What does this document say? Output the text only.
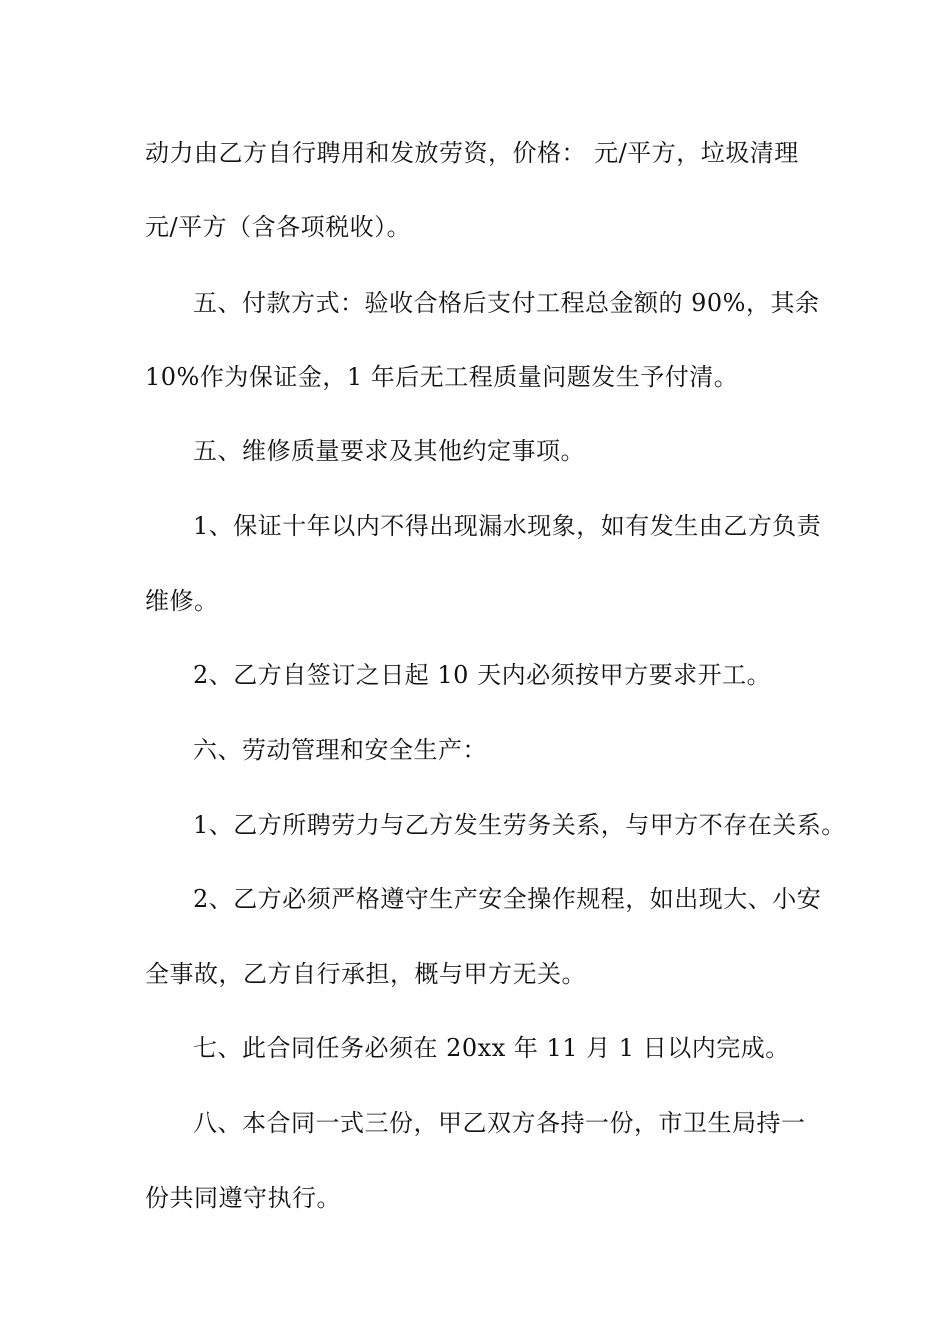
动力由乙方自行聘用和发放劳资，价格： 元/平方，垃圾清理

元/平方（含各项税收）。

五、付款方式：验收合格后支付工程总金额的 90%，其余

10%作为保证金，1 年后无工程质量问题发生予付清。

五、维修质量要求及其他约定事项。

1、保证十年以内不得出现漏水现象，如有发生由乙方负责

维修。

2、乙方自签订之日起 10 天内必须按甲方要求开工。

六、劳动管理和安全生产：

1、乙方所聘劳力与乙方发生劳务关系，与甲方不存在关系。

2、乙方必须严格遵守生产安全操作规程，如出现大、小安

全事故，乙方自行承担，概与甲方无关。

七、此合同任务必须在 20xx 年 11 月 1 日以内完成。

八、本合同一式三份，甲乙双方各持一份，市卫生局持一

份共同遵守执行。
